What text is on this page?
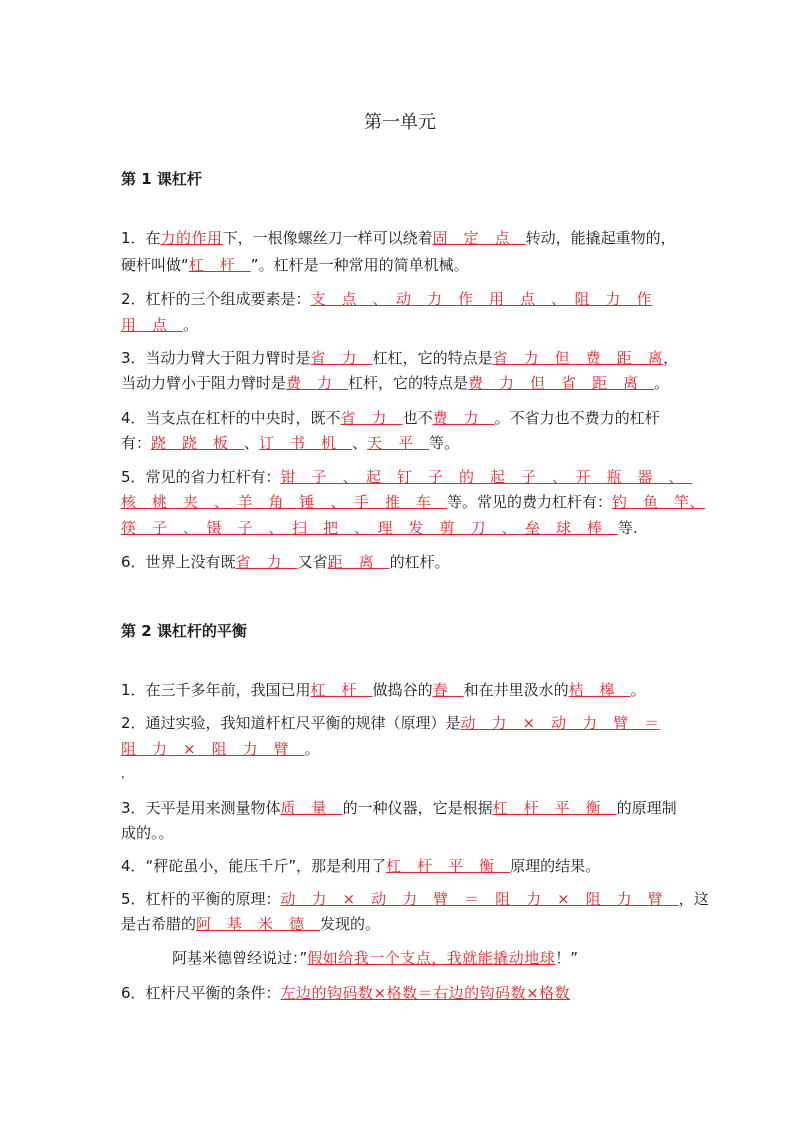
第一单元
第 1 课杠杆
1．在力的作用下，一根像螺丝刀一样可以绕着固　定　点　转动，能撬起重物的，
硬杆叫做“杠　杆　”。杠杆是一种常用的简单机械。
2．杠杆的三个组成要素是：支　点　、　动　力　作　用　点　、　阻　力　作
用　点　。
3．当动力臂大于阻力臂时是省　力　杠杠，它的特点是省　力　但　费　距　离，
当动力臂小于阻力臂时是费　力　杠杆，它的特点是费　力　但　省　距　离　。
4．当支点在杠杆的中央时，既不省　力　也不费　力　。不省力也不费力的杠杆
有：跷　跷　板　、订　书　机　、天　平　等。
5．常见的省力杠杆有：钳　子　、　起　钉　子　的　起　子　、　开　瓶　器　、　
核　桃　夹　、　羊　角　锤　、　手　推　车　等。常见的费力杠杆有：钓　鱼　竿、
筷　子　、　镊　子　、　扫　把　、　理　发　剪　刀　、　垒　球　棒　等.
6．世界上没有既省　力　又省距　离　的杠杆。
第 2 课杠杆的平衡
1．在三千多年前，我国已用杠　杆　做捣谷的舂　和在井里汲水的桔　槔　。
2．通过实验，我知道杆杠尺平衡的规律（原理）是动　力　×　动　力　臂　＝
阻　力　×　阻　力　臂　。
，
3．天平是用来测量物体质　量　的一种仪器，它是根据杠　杆　平　衡　的原理制
成的。。
4．“秤砣虽小，能压千斤”，那是利用了杠　杆　平　衡　原理的结果。
5．杠杆的平衡的原理：动　力　×　动　力　臂　＝　阻　力　×　阻　力　臂　，这
是古希腊的阿　基　米　德　发现的。
阿基米德曾经说过：”假如给我一个支点，我就能撬动地球！”
6．杠杆尺平衡的条件：左边的钩码数×格数＝右边的钩码数×格数
